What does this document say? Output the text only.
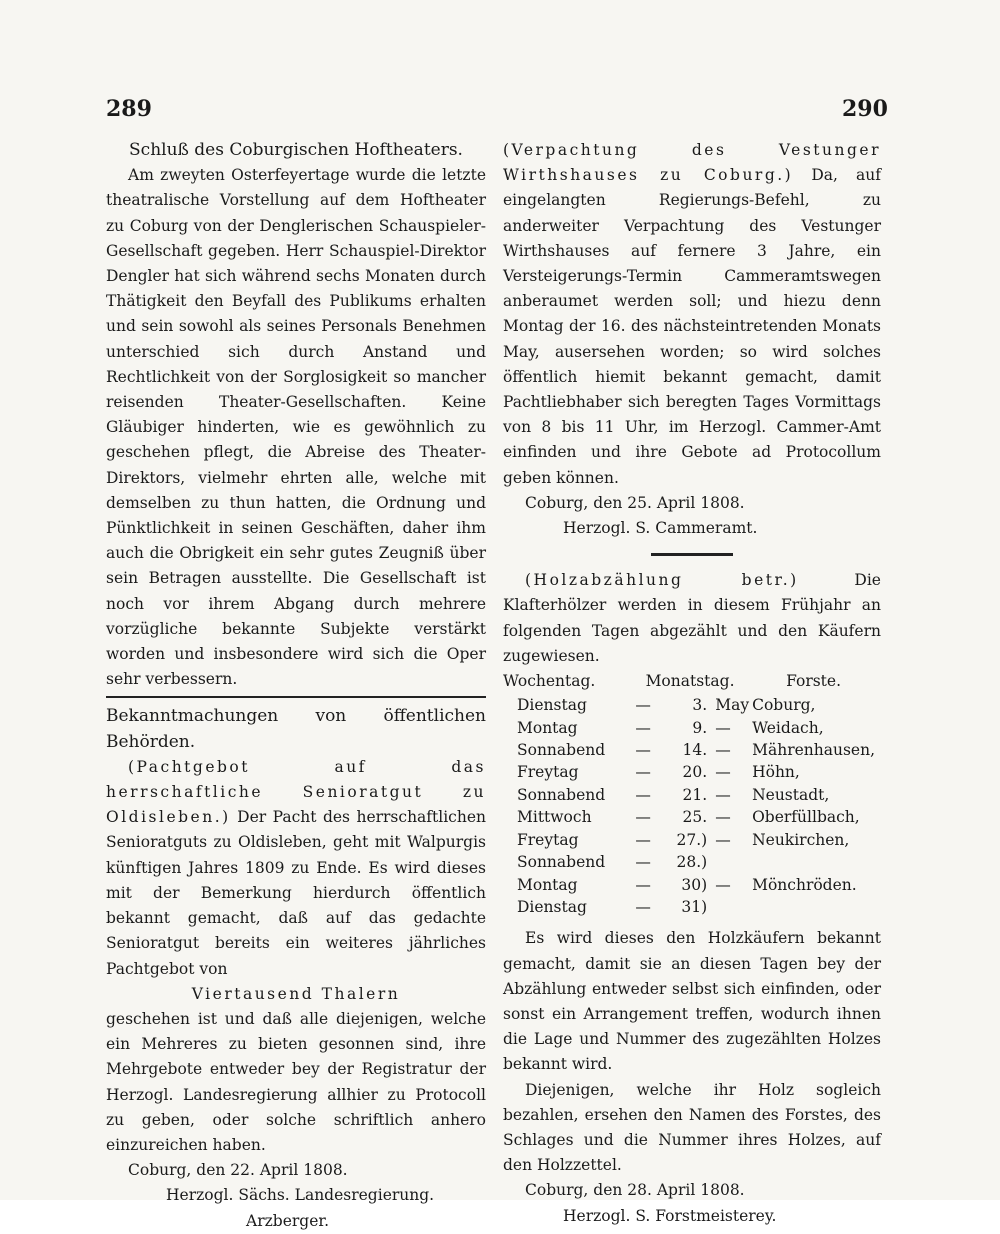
289	290

Schluß des Coburgischen Hoftheaters.

Am zweyten Osterfeyertage wurde die letzte theatralische Vorstellung auf dem Hoftheater zu Coburg von der Denglerischen Schauspieler-Gesellschaft gegeben. Herr Schauspiel-Direktor Dengler hat sich während sechs Monaten durch Thätigkeit den Beyfall des Publikums erhalten und sein sowohl als seines Personals Benehmen unterschied sich durch Anstand und Rechtlichkeit von der Sorglosigkeit so mancher reisenden Theater-Gesellschaften. Keine Gläubiger hinderten, wie es gewöhnlich zu geschehen pflegt, die Abreise des Theater-Direktors, vielmehr ehrten alle, welche mit demselben zu thun hatten, die Ordnung und Pünktlichkeit in seinen Geschäften, daher ihm auch die Obrigkeit ein sehr gutes Zeugniß über sein Betragen ausstellte. Die Gesellschaft ist noch vor ihrem Abgang durch mehrere vorzügliche bekannte Subjekte verstärkt worden und insbesondere wird sich die Oper sehr verbessern.

Bekanntmachungen von öffentlichen Behörden.

(Pachtgebot auf das herrschaftliche Senioratgut zu Oldisleben.) Der Pacht des herrschaftlichen Senioratguts zu Oldisleben, geht mit Walpurgis künftigen Jahres 1809 zu Ende. Es wird dieses mit der Bemerkung hierdurch öffentlich bekannt gemacht, daß auf das gedachte Senioratgut bereits ein weiteres jährliches Pachtgebot von

Viertausend Thalern

geschehen ist und daß alle diejenigen, welche ein Mehreres zu bieten gesonnen sind, ihre Mehrgebote entweder bey der Registratur der Herzogl. Landesregierung allhier zu Protocoll zu geben, oder solche schriftlich anhero einzureichen haben.

Coburg, den 22. April 1808.

Herzogl. Sächs. Landesregierung.

Arzberger.

(Verpachtung des Vestunger Wirthshauses zu Coburg.) Da, auf eingelangten Regierungs-Befehl, zu anderweiter Verpachtung des Vestunger Wirthshauses auf fernere 3 Jahre, ein Versteigerungs-Termin Cammeramtswegen anberaumet werden soll; und hiezu denn Montag der 16. des nächsteintretenden Monats May, ausersehen worden; so wird solches öffentlich hiemit bekannt gemacht, damit Pachtliebhaber sich beregten Tages Vormittags von 8 bis 11 Uhr, im Herzogl. Cammer-Amt einfinden und ihre Gebote ad Protocollum geben können.

Coburg, den 25. April 1808.

Herzogl. S. Cammeramt.

(Holzabzählung betr.)	Die Klafterhölzer werden in diesem Frühjahr an folgenden Tagen abgezählt und den Käufern zugewiesen.

Wochentag.	Monatstag.			Forste.
Dienstag	—	3.	May	Coburg,
Montag	—	9.	—	Weidach,
Sonnabend	—	14.	—	Mährenhausen,
Freytag	—	20.	—	Höhn,
Sonnabend	—	21.	—	Neustadt,
Mittwoch	—	25.	—	Oberfüllbach,
Freytag	—	27.)	—	Neukirchen,
Sonnabend	—	28.)		
Montag	—	30)	—	Mönchröden.
Dienstag	—	31)		

Es wird dieses den Holzkäufern bekannt gemacht, damit sie an diesen Tagen bey der Abzählung entweder selbst sich einfinden, oder sonst ein Arrangement treffen, wodurch ihnen die Lage und Nummer des zugezählten Holzes bekannt wird.

Diejenigen, welche ihr Holz sogleich bezahlen, ersehen den Namen des Forstes, des Schlages und die Nummer ihres Holzes, auf den Holzzettel.

Coburg, den 28. April 1808.

Herzogl. S. Forstmeisterey.
